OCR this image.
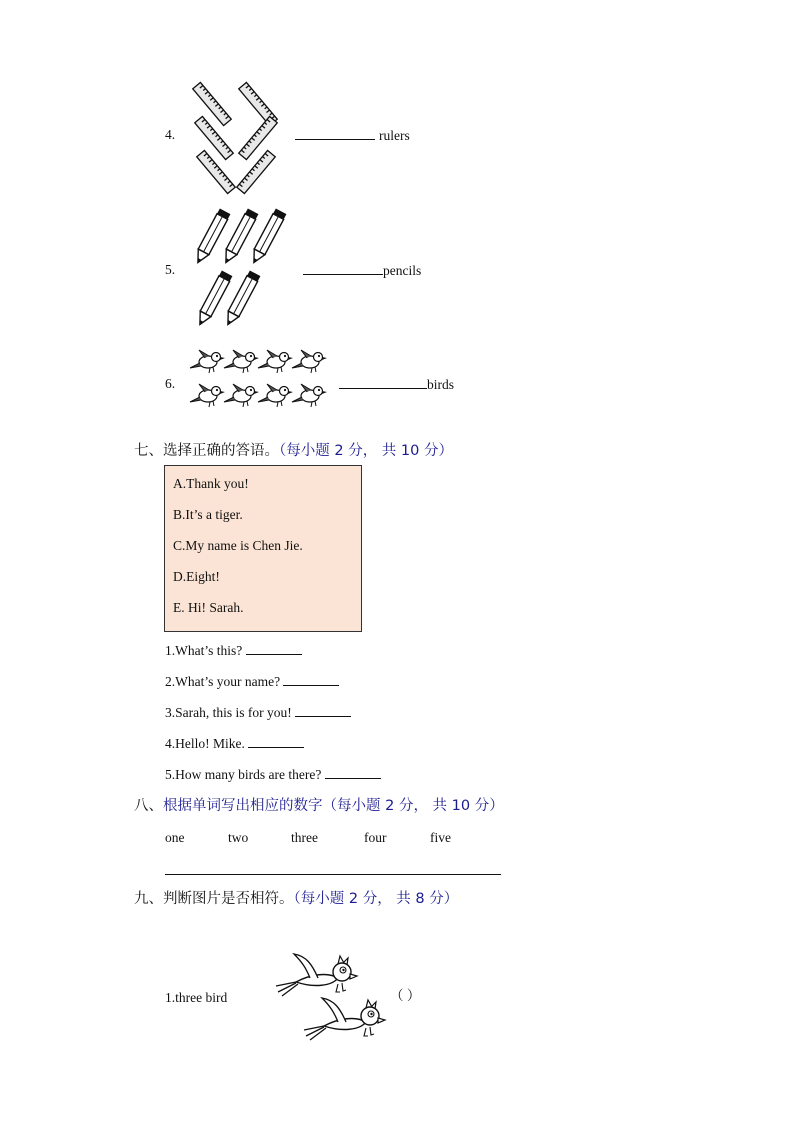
4.	rulers
5.	pencils
6.	birds
七、选择正确的答语。（每小题 2 分， 共 10 分）
A.Thank you!
B.It’s a tiger.
C.My name is Chen Jie.
D.Eight!
E. Hi! Sarah.
1.What’s this?
2.What’s your name?
3.Sarah, this is for you!
4.Hello! Mike.
5.How many birds are there?
八、根据单词写出相应的数字（每小题 2 分， 共 10 分）
one	two	three	four	five
九、判断图片是否相符。（每小题 2 分， 共 8 分）
1.three bird	（ ）
